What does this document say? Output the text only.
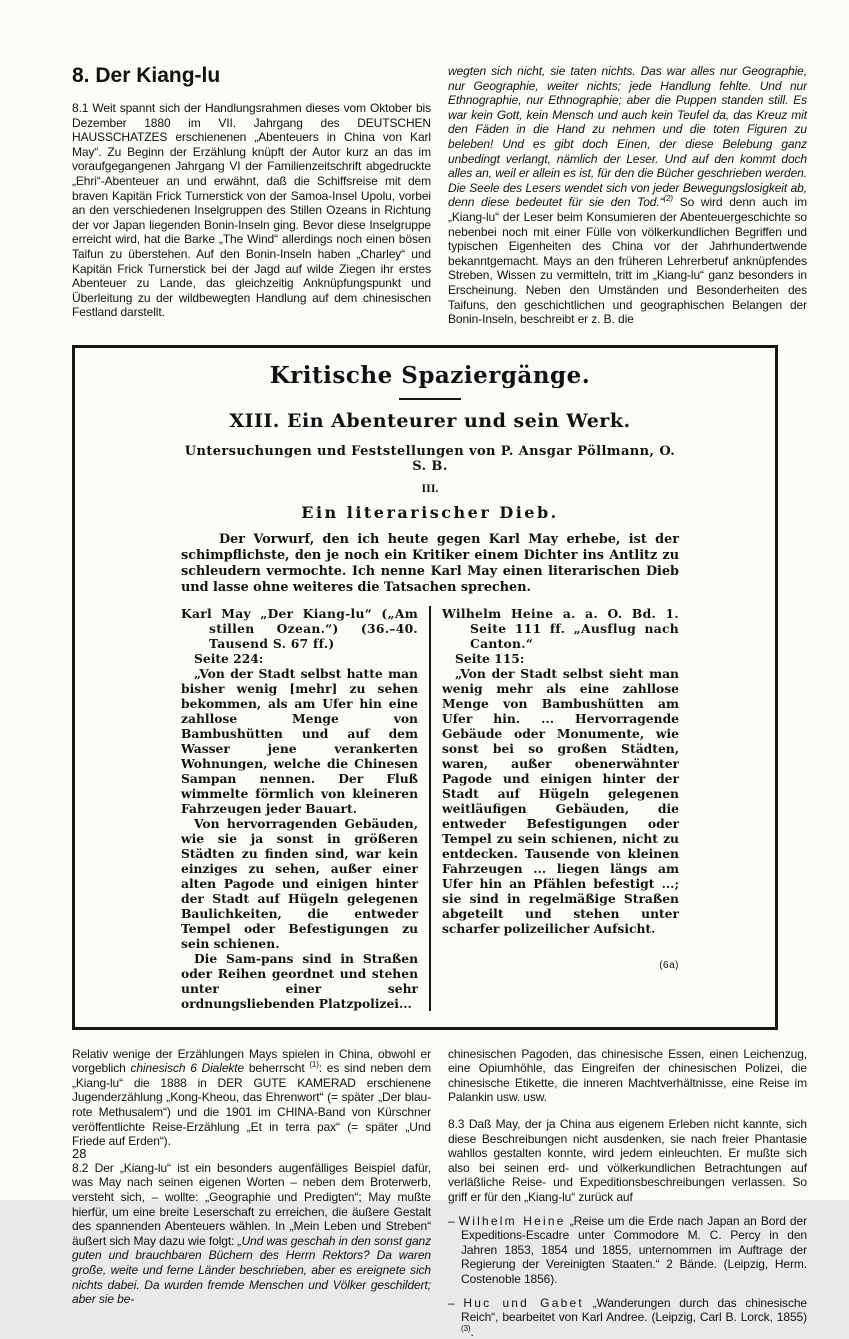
8. Der Kiang-lu

8.1 Weit spannt sich der Handlungsrahmen dieses vom Oktober bis Dezember 1880 im VII. Jahrgang des DEUTSCHEN HAUSSCHATZES erschienenen „Abenteuers in China von Karl May“. Zu Beginn der Erzählung knüpft der Autor kurz an das im voraufgegangenen Jahrgang VI der Familienzeitschrift abgedruckte „Ehri“-Abenteuer an und erwähnt, daß die Schiffsreise mit dem braven Kapitän Frick Turnerstick von der Samoa-Insel Upolu, vorbei an den verschiedenen Inselgruppen des Stillen Ozeans in Richtung der vor Japan liegenden Bonin-Inseln ging. Bevor diese Inselgruppe erreicht wird, hat die Barke „The Wind“ allerdings noch einen bösen Taifun zu überstehen. Auf den Bonin-Inseln haben „Charley“ und Kapitän Frick Turnerstick bei der Jagd auf wilde Ziegen ihr erstes Abenteuer zu Lande, das gleichzeitig Anknüpfungspunkt und Überleitung zu der wildbewegten Handlung auf dem chinesischen Festland darstellt.

wegten sich nicht, sie taten nichts. Das war alles nur Geographie, nur Geographie, weiter nichts; jede Handlung fehlte. Und nur Ethnographie, nur Ethnographie; aber die Puppen standen still. Es war kein Gott, kein Mensch und auch kein Teufel da, das Kreuz mit den Fäden in die Hand zu nehmen und die toten Figuren zu beleben! Und es gibt doch Einen, der diese Belebung ganz unbedingt verlangt, nämlich der Leser. Und auf den kommt doch alles an, weil er allein es ist, für den die Bücher geschrieben werden. Die Seele des Lesers wendet sich von jeder Bewegungslosigkeit ab, denn diese bedeutet für sie den Tod.“$^{(2)}$ So wird denn auch im „Kiang-lu“ der Leser beim Konsumieren der Abenteuergeschichte so nebenbei noch mit einer Fülle von völkerkundlichen Begriffen und typischen Eigenheiten des China vor der Jahrhundertwende bekanntgemacht. Mays an den früheren Lehrerberuf anknüpfendes Streben, Wissen zu vermitteln, tritt im „Kiang-lu“ ganz besonders in Erscheinung. Neben den Umständen und Besonderheiten des Taifuns, den geschichtlichen und geographischen Belangen der Bonin-Inseln, beschreibt er z. B. die

Kritische Spaziergänge.
XIII. Ein Abenteurer und sein Werk.
Untersuchungen und Feststellungen von P. Ansgar Pöllmann, O. S. B.
III.
Ein literarischer Dieb.

Der Vorwurf, den ich heute gegen Karl May erhebe, ist der schimpflichste, den je noch ein Kritiker einem Dichter ins Antlitz zu schleudern vermochte. Ich nenne Karl May einen literarischen Dieb und lasse ohne weiteres die Tatsachen sprechen.

Karl May „Der Kiang-lu“ („Am stillen Ozean.“) (36.–40. Tausend S. 67 ff.)
Seite 224:

„Von der Stadt selbst hatte man bisher wenig [mehr] zu sehen bekommen, als am Ufer hin eine zahllose Menge von Bambushütten und auf dem Wasser jene verankerten Wohnungen, welche die Chinesen Sampan nennen. Der Fluß wimmelte förmlich von kleineren Fahrzeugen jeder Bauart.

Von hervorragenden Gebäuden, wie sie ja sonst in größeren Städten zu finden sind, war kein einziges zu sehen, außer einer alten Pagode und einigen hinter der Stadt auf Hügeln gelegenen Baulichkeiten, die entweder Tempel oder Befestigungen zu sein schienen.

Die Sam-pans sind in Straßen oder Reihen geordnet und stehen unter einer sehr ordnungsliebenden Platzpolizei...

Wilhelm Heine a. a. O. Bd. 1. Seite 111 ff. „Ausflug nach Canton.“
Seite 115:

„Von der Stadt selbst sieht man wenig mehr als eine zahllose Menge von Bambushütten am Ufer hin. ... Hervorragende Gebäude oder Monumente, wie sonst bei so großen Städten, waren, außer obenerwähnter Pagode und einigen hinter der Stadt auf Hügeln gelegenen weitläufigen Gebäuden, die entweder Befestigungen oder Tempel zu sein schienen, nicht zu entdecken. Tausende von kleinen Fahrzeugen ... liegen längs am Ufer hin an Pfählen befestigt ...; sie sind in regelmäßige Straßen abgeteilt und stehen unter scharfer polizeilicher Aufsicht.

(6a)

Relativ wenige der Erzählungen Mays spielen in China, obwohl er vorgeblich chinesisch 6 Dialekte beherrscht $^{(1)}$: es sind neben dem „Kiang-lu“ die 1888 in DER GUTE KAMERAD erschienene Jugenderzählung „Kong-Kheou, das Ehrenwort“ (= später „Der blau-rote Methusalem“) und die 1901 im CHINA-Band von Kürschner veröffentlichte Reise-Erzählung „Et in terra pax“ (= später „Und Friede auf Erden“).

8.2 Der „Kiang-lu“ ist ein besonders augenfälliges Beispiel dafür, was May nach seinen eigenen Worten – neben dem Broterwerb, versteht sich, – wollte: „Geographie und Predigten“; May mußte hierfür, um eine breite Leserschaft zu erreichen, die äußere Gestalt des spannenden Abenteuers wählen. In „Mein Leben und Streben“ äußert sich May dazu wie folgt: „Und was geschah in den sonst ganz guten und brauchbaren Büchern des Herrn Rektors? Da waren große, weite und ferne Länder beschrieben, aber es ereignete sich nichts dabei. Da wurden fremde Menschen und Völker geschildert; aber sie be-

chinesischen Pagoden, das chinesische Essen, einen Leichenzug, eine Opiumhöhle, das Eingreifen der chinesischen Polizei, die chinesische Etikette, die inneren Machtverhältnisse, eine Reise im Palankin usw. usw.

8.3 Daß May, der ja China aus eigenem Erleben nicht kannte, sich diese Beschreibungen nicht ausdenken, sie nach freier Phantasie wahllos gestalten konnte, wird jedem einleuchten. Er mußte sich also bei seinen erd- und völkerkundlichen Betrachtungen auf verläßliche Reise- und Expeditionsbeschreibungen verlassen. So griff er für den „Kiang-lu“ zurück auf

– Wilhelm Heine „Reise um die Erde nach Japan an Bord der Expeditions-Escadre unter Commodore M. C. Percy in den Jahren 1853, 1854 und 1855, unternommen im Auftrage der Regierung der Vereinigten Staaten.“ 2 Bände. (Leipzig, Herm. Costenoble 1856).
– Huc und Gabet „Wanderungen durch das chinesische Reich“, bearbeitet von Karl Andree. (Leipzig, Carl B. Lorck, 1855)$^{(3)}$.
28
